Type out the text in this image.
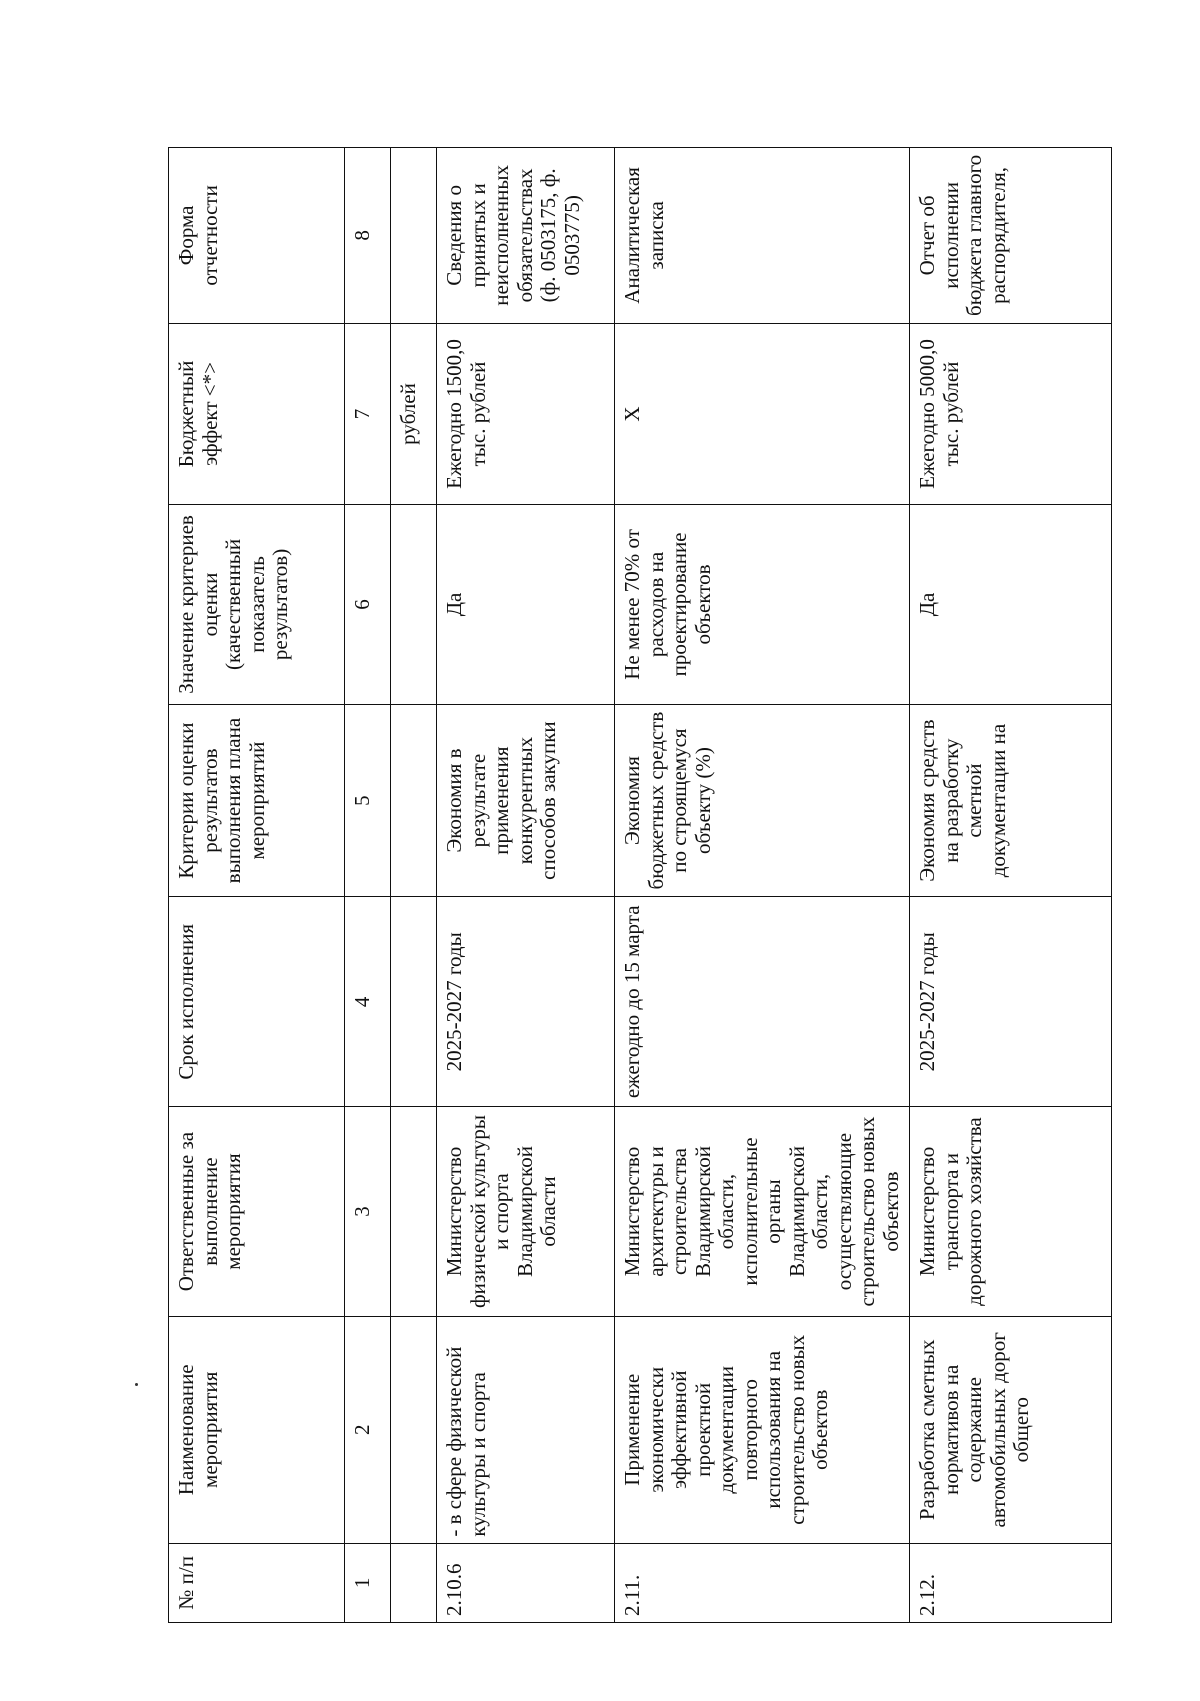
№ п/п	Наименование мероприятия	Ответственные за выполнение мероприятия	Срок исполнения	Критерии оценки результатов выполнения плана мероприятий	Значение критериев оценки (качественный показатель результатов)	Бюджетный эффект <*>	Форма отчетности
1	2	3	4	5	6	7	8
						рублей	
2.10.6	- в сфере физической культуры и спорта	Министерство физической культуры и спорта Владимирской области	2025-2027 годы	Экономия в результате применения конкурентных способов закупки	Да	Ежегодно 1500,0 тыс. рублей	Сведения о принятых и неисполненных обязательствах (ф. 0503175, ф. 0503775)
2.11.	Применение экономически эффективной проектной документации повторного использования на строительство новых объектов	Министерство архитектуры и строительства Владимирской области, исполнительные органы Владимирской области, осуществляющие строительство новых объектов	ежегодно до 15 марта	Экономия бюджетных средств по строящемуся объекту (%)	Не менее 70% от расходов на проектирование объектов	Х	Аналитическая записка
2.12.	Разработка сметных нормативов на содержание автомобильных дорог общего	Министерство транспорта и дорожного хозяйства	2025-2027 годы	Экономия средств на разработку сметной документации на	Да	Ежегодно 5000,0 тыс. рублей	Отчет об исполнении бюджета главного распорядителя,
